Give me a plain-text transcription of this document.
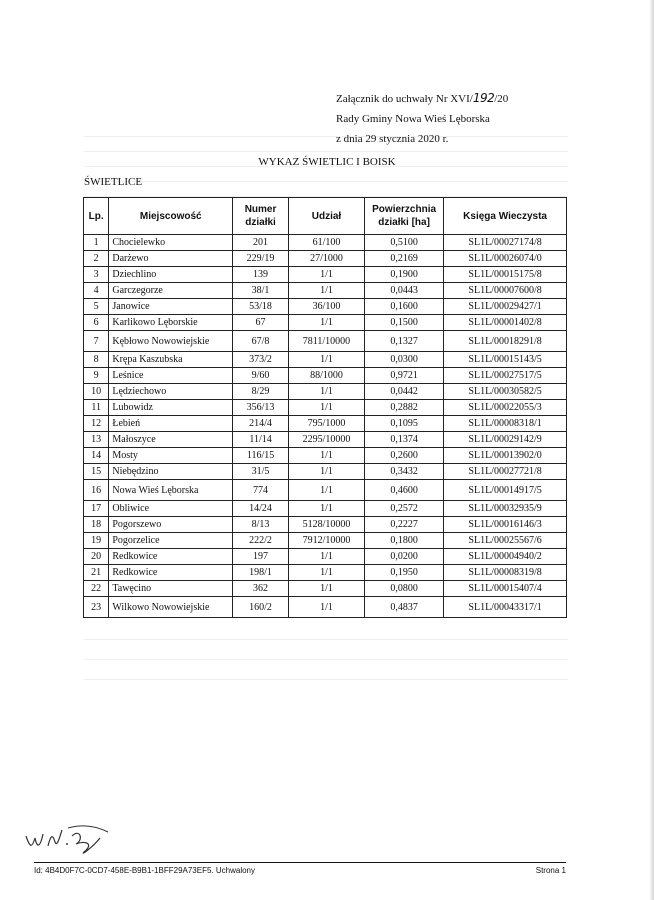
Załącznik do uchwały Nr XVI/192/20
Rady Gminy Nowa Wieś Lęborska
z dnia 29 stycznia 2020 r.
WYKAZ ŚWIETLIC I BOISK
ŚWIETLICE
Lp.	Miejscowość	Numer działki	Udział	Powierzchnia działki [ha]	Księga Wieczysta
1	Chocielewko	201	61/100	0,5100	SL1L/00027174/8
2	Darżewo	229/19	27/1000	0,2169	SL1L/00026074/0
3	Dziechlino	139	1/1	0,1900	SL1L/00015175/8
4	Garczegorze	38/1	1/1	0,0443	SL1L/00007600/8
5	Janowice	53/18	36/100	0,1600	SL1L/00029427/1
6	Karlikowo Lęborskie	67	1/1	0,1500	SL1L/00001402/8
7	Kębłowo Nowowiejskie	67/8	7811/10000	0,1327	SL1L/00018291/8
8	Krępa Kaszubska	373/2	1/1	0,0300	SL1L/00015143/5
9	Leśnice	9/60	88/1000	0,9721	SL1L/00027517/5
10	Lędziechowo	8/29	1/1	0,0442	SL1L/00030582/5
11	Lubowidz	356/13	1/1	0,2882	SL1L/00022055/3
12	Łebień	214/4	795/1000	0,1095	SL1L/00008318/1
13	Małoszyce	11/14	2295/10000	0,1374	SL1L/00029142/9
14	Mosty	116/15	1/1	0,2600	SL1L/00013902/0
15	Niebędzino	31/5	1/1	0,3432	SL1L/00027721/8
16	Nowa Wieś Lęborska	774	1/1	0,4600	SL1L/00014917/5
17	Obliwice	14/24	1/1	0,2572	SL1L/00032935/9
18	Pogorszewo	8/13	5128/10000	0,2227	SL1L/00016146/3
19	Pogorzelice	222/2	7912/10000	0,1800	SL1L/00025567/6
20	Redkowice	197	1/1	0,0200	SL1L/00004940/2
21	Redkowice	198/1	1/1	0,1950	SL1L/00008319/8
22	Tawęcino	362	1/1	0,0800	SL1L/00015407/4
23	Wilkowo Nowowiejskie	160/2	1/1	0,4837	SL1L/00043317/1
Id: 4B4D0F7C-0CD7-458E-B9B1-1BFF29A73EF5. Uchwalony	Strona 1
